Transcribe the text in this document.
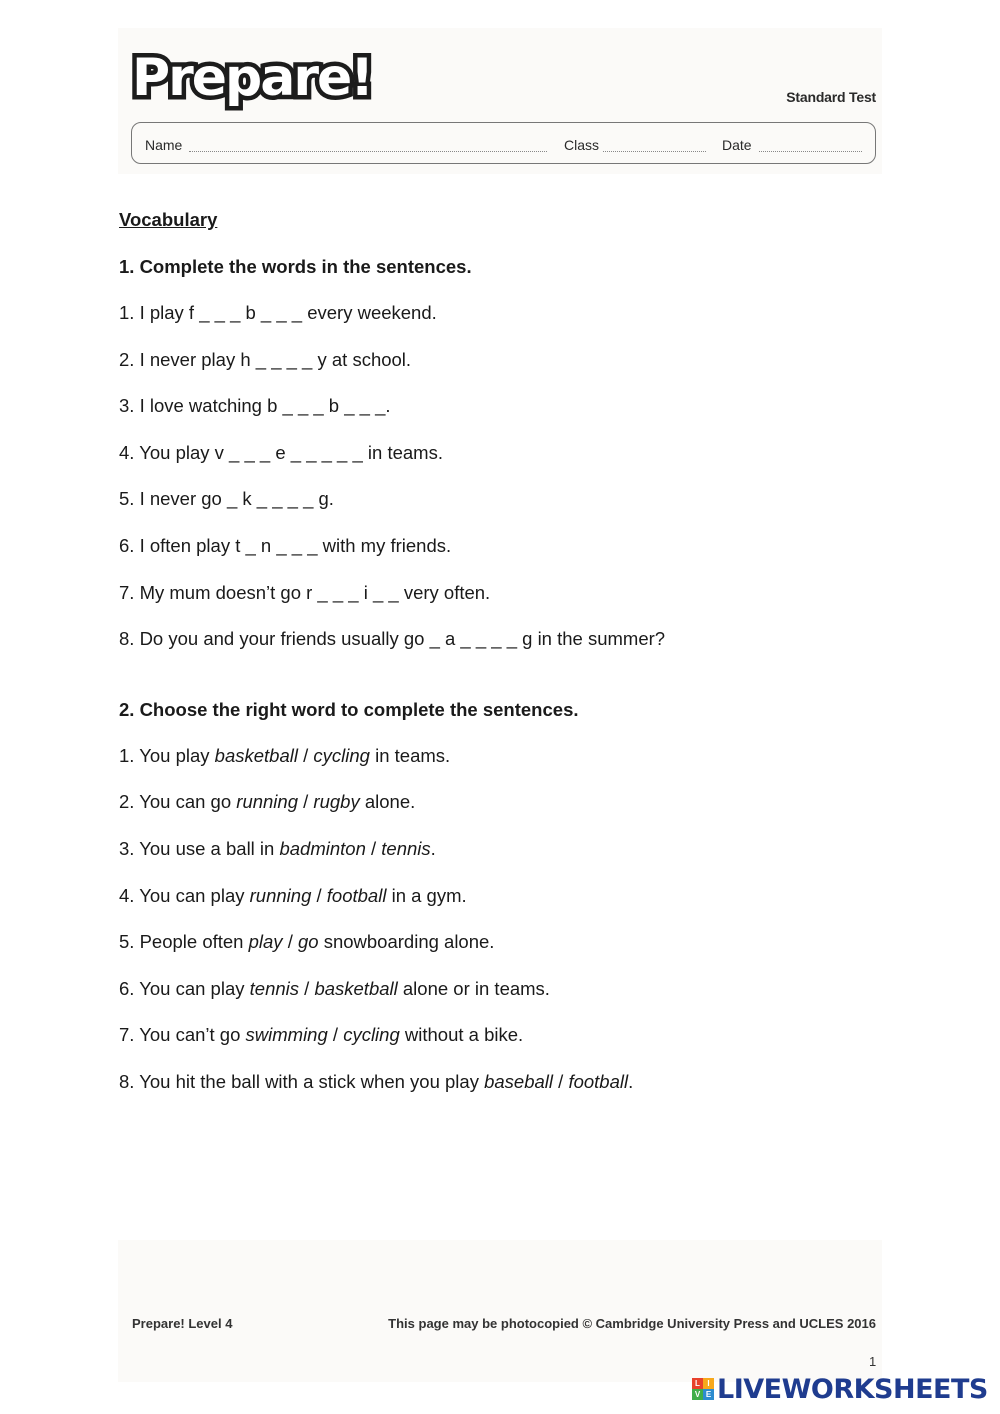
Prepare!	Standard Test
Name	Class	Date
Vocabulary
1. Complete the words in the sentences.
1. I play f _ _ _ b _ _ _ every weekend.
2. I never play h _ _ _ _ y at school.
3. I love watching b _ _ _ b _ _ _.
4. You play v _ _ _ e _ _ _ _ _ in teams.
5. I never go _ k _ _ _ _ g.
6. I often play t _ n _ _ _ with my friends.
7. My mum doesn’t go r _ _ _ i _ _ very often.
8. Do you and your friends usually go _ a _ _ _ _ g in the summer?
2. Choose the right word to complete the sentences.
1. You play basketball / cycling in teams.
2. You can go running / rugby alone.
3. You use a ball in badminton / tennis.
4. You can play running / football in a gym.
5. People often play / go snowboarding alone.
6. You can play tennis / basketball alone or in teams.
7. You can’t go swimming / cycling without a bike.
8. You hit the ball with a stick when you play baseball / football.
Prepare! Level 4	This page may be photocopied © Cambridge University Press and UCLES 2016
1
L I
V E LIVEWORKSHEETS
